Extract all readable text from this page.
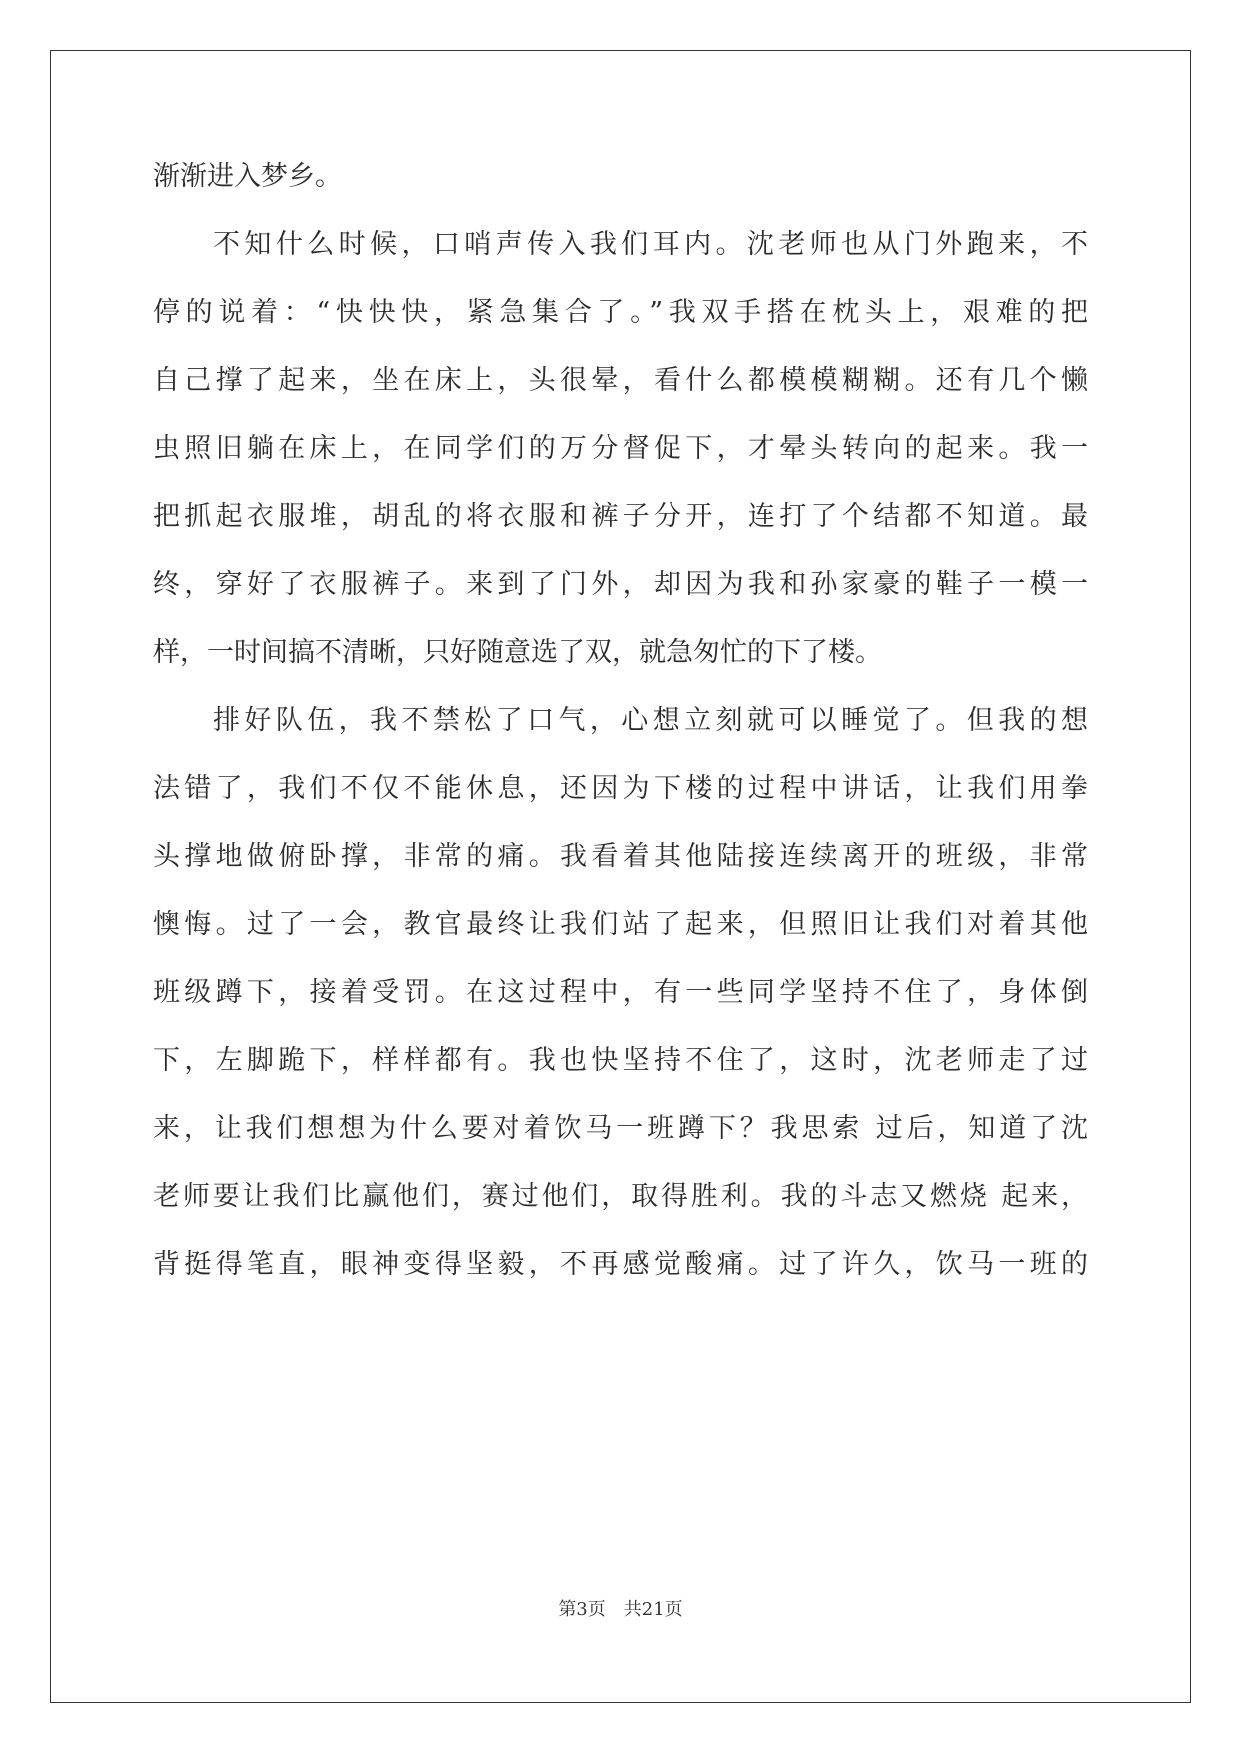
渐渐进入梦乡。
不知什么时候，口哨声传入我们耳内。沈老师也从门外跑来，不
停的说着：“快快快，紧急集合了。”我双手搭在枕头上，艰难的把
自己撑了起来，坐在床上，头很晕，看什么都模模糊糊。还有几个懒
虫照旧躺在床上，在同学们的万分督促下，才晕头转向的起来。我一
把抓起衣服堆，胡乱的将衣服和裤子分开，连打了个结都不知道。最
终，穿好了衣服裤子。来到了门外，却因为我和孙家豪的鞋子一模一
样，一时间搞不清晰，只好随意选了双，就急匆忙的下了楼。
排好队伍，我不禁松了口气，心想立刻就可以睡觉了。但我的想
法错了，我们不仅不能休息，还因为下楼的过程中讲话，让我们用拳
头撑地做俯卧撑，非常的痛。我看着其他陆接连续离开的班级，非常
懊悔。过了一会，教官最终让我们站了起来，但照旧让我们对着其他
班级蹲下，接着受罚。在这过程中，有一些同学坚持不住了，身体倒
下，左脚跪下，样样都有。我也快坚持不住了，这时，沈老师走了过
来，让我们想想为什么要对着饮马一班蹲下？我思索 过后，知道了沈
老师要让我们比赢他们，赛过他们，取得胜利。我的斗志又燃烧 起来，
背挺得笔直，眼神变得坚毅，不再感觉酸痛。过了许久，饮马一班的
第3页　共21页
